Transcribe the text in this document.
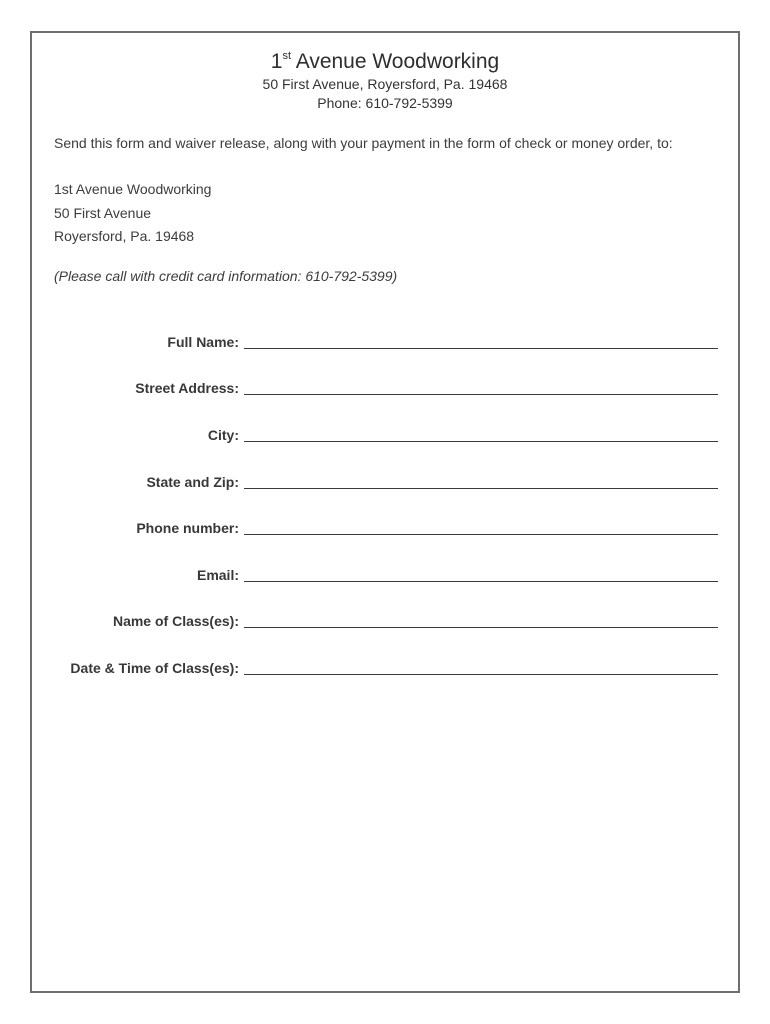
1st Avenue Woodworking
50 First Avenue, Royersford, Pa. 19468
Phone: 610-792-5399
Send this form and waiver release, along with your payment in the form of check or money order, to:
1st Avenue Woodworking
50 First Avenue
Royersford, Pa. 19468
(Please call with credit card information: 610-792-5399)
Full Name:
Street Address:
City:
State and Zip:
Phone number:
Email:
Name of Class(es):
Date & Time of Class(es):
